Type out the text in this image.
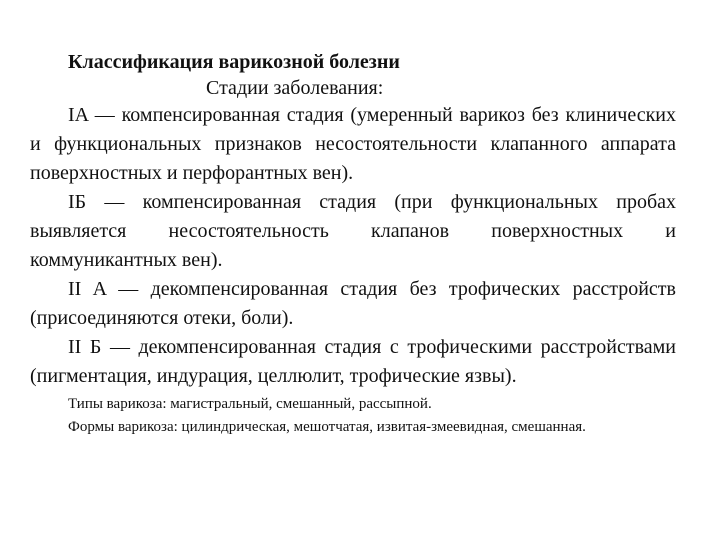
Классификация варикозной болезни

Стадии заболевания:

IA — компенсированная стадия (умеренный варикоз без клинических и функциональных признаков несостоятельности клапанного аппарата поверхностных и перфорантных вен).

IБ — компенсированная стадия (при функциональных пробах выявляется несостоятельность клапанов поверхностных и коммуникантных вен).

II A — декомпенсированная стадия без трофических расстройств (присоединяются отеки, боли).

II Б — декомпенсированная стадия с трофическими расстройствами (пигментация, индурация, целлюлит, трофические язвы).

Типы варикоза: магистральный, смешанный, рассыпной.

Формы варикоза: цилиндрическая, мешотчатая, извитая-змеевидная, смешанная.
